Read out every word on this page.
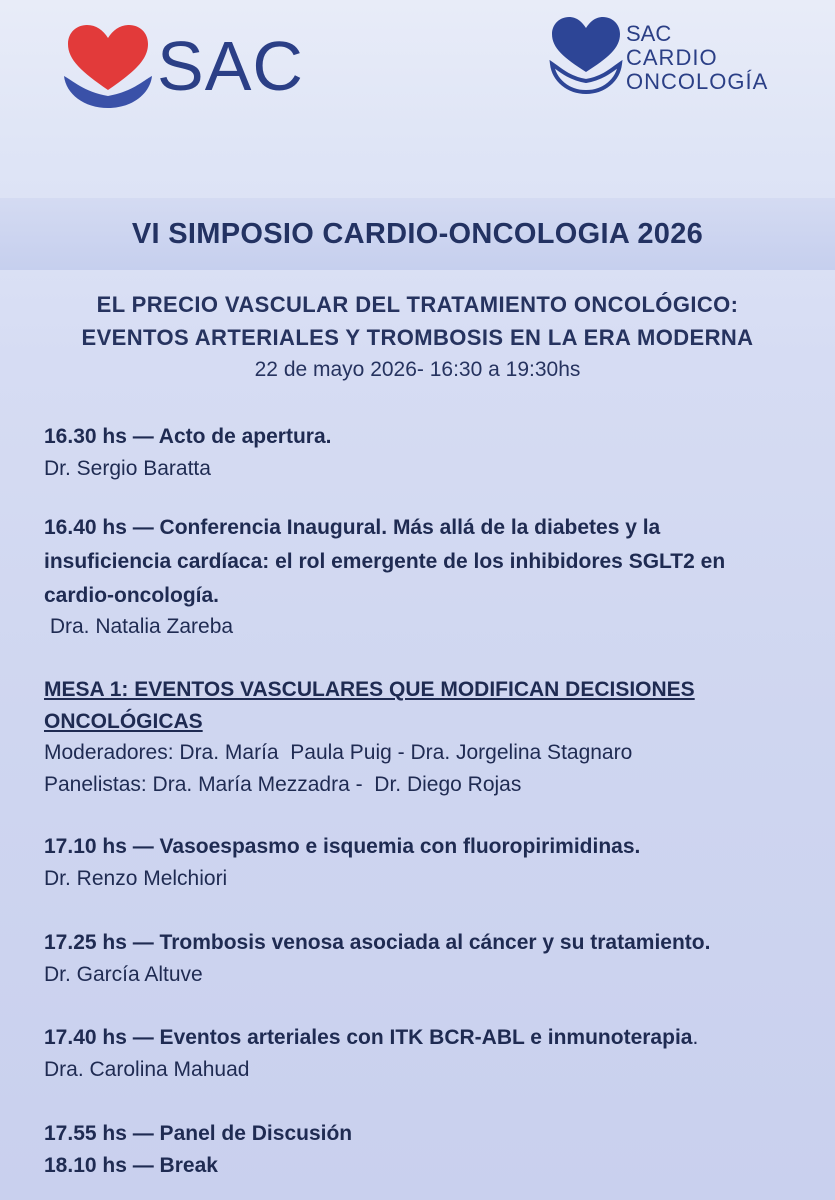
SAC	SAC
CARDIO
ONCOLOGÍA
VI SIMPOSIO CARDIO-ONCOLOGIA 2026
EL PRECIO VASCULAR DEL TRATAMIENTO ONCOLÓGICO:
EVENTOS ARTERIALES Y TROMBOSIS EN LA ERA MODERNA
22 de mayo 2026- 16:30 a 19:30hs
16.30 hs — Acto de apertura.
Dr. Sergio Baratta
16.40 hs — Conferencia Inaugural. Más allá de la diabetes y la
insuficiencia cardíaca: el rol emergente de los inhibidores SGLT2 en
cardio-oncología.
Dra. Natalia Zareba
MESA 1: EVENTOS VASCULARES QUE MODIFICAN DECISIONES
ONCOLÓGICAS
Moderadores: Dra. María  Paula Puig - Dra. Jorgelina Stagnaro
Panelistas: Dra. María Mezzadra -  Dr. Diego Rojas
17.10 hs — Vasoespasmo e isquemia con fluoropirimidinas.
Dr. Renzo Melchiori
17.25 hs — Trombosis venosa asociada al cáncer y su tratamiento.
Dr. García Altuve
17.40 hs — Eventos arteriales con ITK BCR-ABL e inmunoterapia.
Dra. Carolina Mahuad
17.55 hs — Panel de Discusión
18.10 hs — Break
